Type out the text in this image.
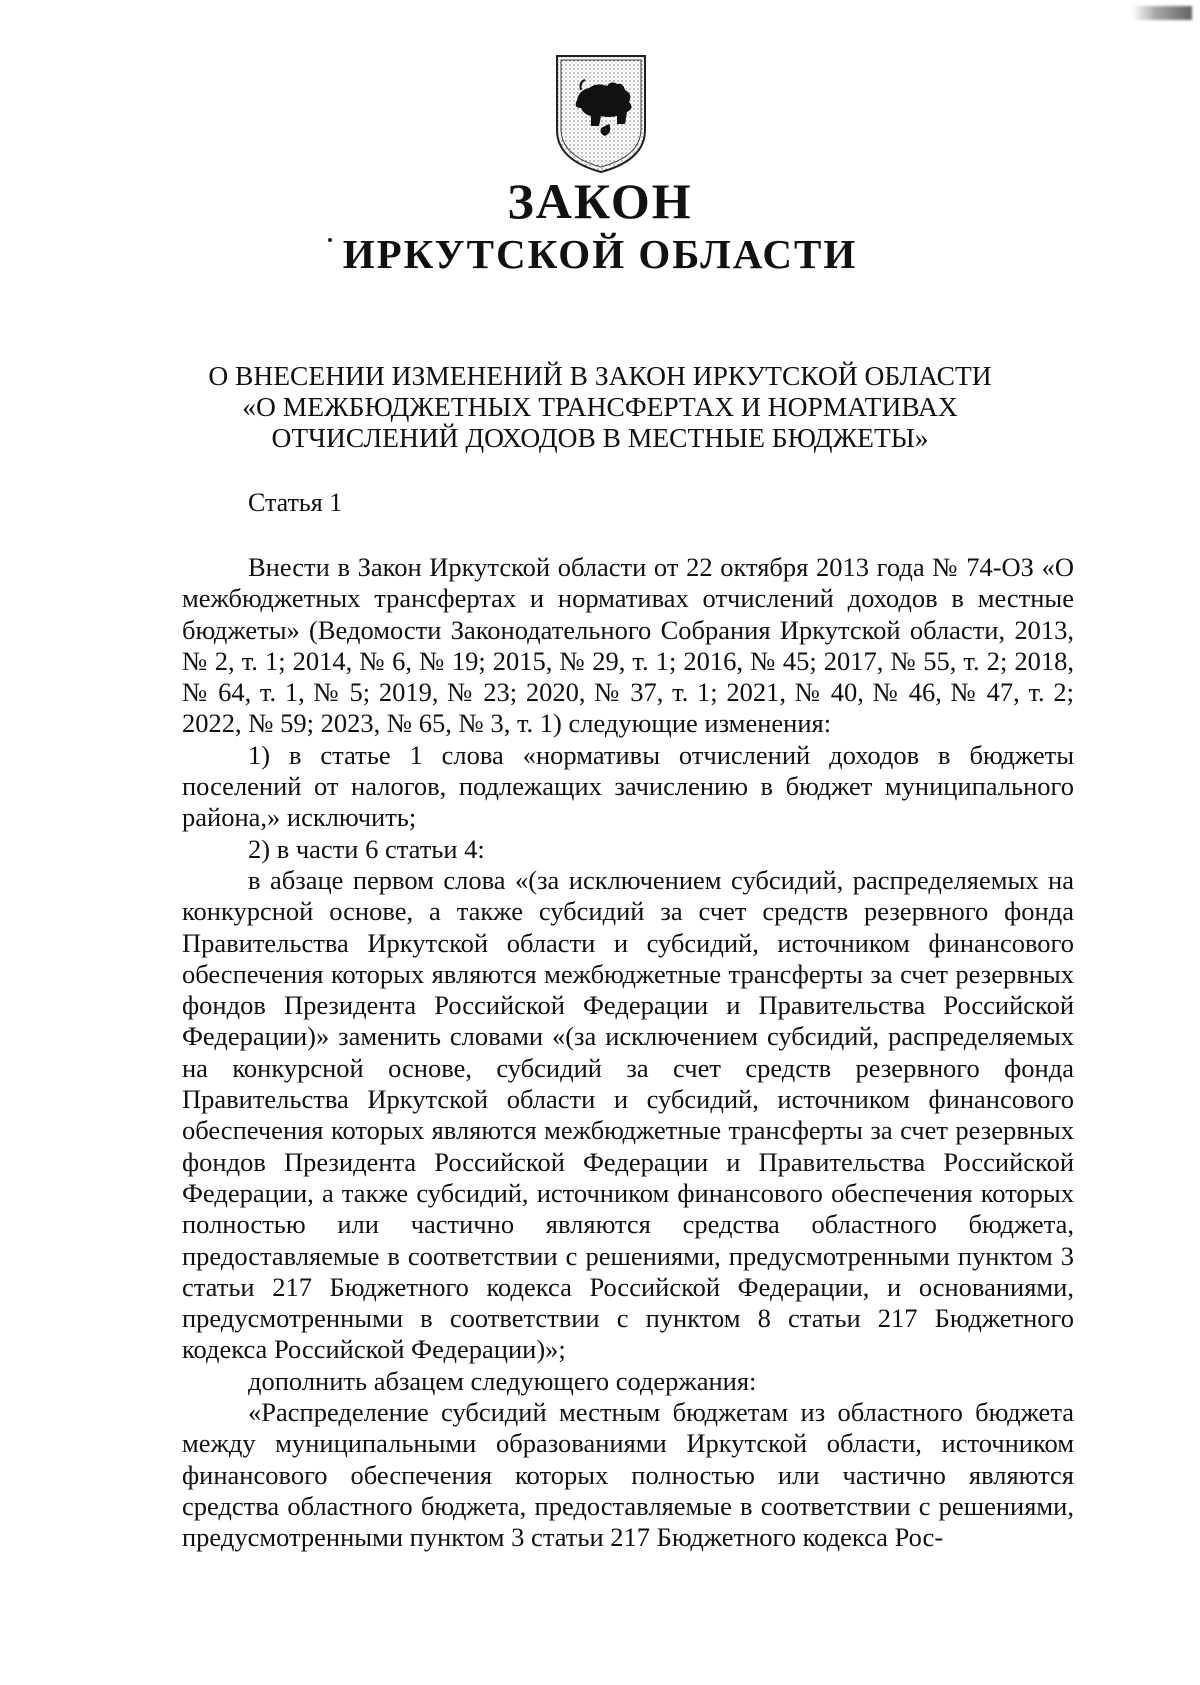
ЗАКОН
ИРКУТСКОЙ ОБЛАСТИ
О ВНЕСЕНИИ ИЗМЕНЕНИЙ В ЗАКОН ИРКУТСКОЙ ОБЛАСТИ
«О МЕЖБЮДЖЕТНЫХ ТРАНСФЕРТАХ И НОРМАТИВАХ
ОТЧИСЛЕНИЙ ДОХОДОВ В МЕСТНЫЕ БЮДЖЕТЫ»
Статья 1

Внести в Закон Иркутской области от 22 октября 2013 года № 74-ОЗ «О межбюджетных трансфертах и нормативах отчислений доходов в местные бюджеты» (Ведомости Законодательного Собрания Иркутской области, 2013, № 2, т. 1; 2014, № 6, № 19; 2015, № 29, т. 1; 2016, № 45; 2017, № 55, т. 2; 2018, № 64, т. 1, № 5; 2019, № 23; 2020, № 37, т. 1; 2021, № 40, № 46, № 47, т. 2; 2022, № 59; 2023, № 65, № 3, т. 1) следующие изменения:

1) в статье 1 слова «нормативы отчислений доходов в бюджеты поселений от налогов, подлежащих зачислению в бюджет муниципального района,» исключить;

2) в части 6 статьи 4:

в абзаце первом слова «(за исключением субсидий, распределяемых на конкурсной основе, а также субсидий за счет средств резервного фонда Правительства Иркутской области и субсидий, источником финансового обеспечения которых являются межбюджетные трансферты за счет резервных фондов Президента Российской Федерации и Правительства Российской Федерации)» заменить словами «(за исключением субсидий, распределяемых на конкурсной основе, субсидий за счет средств резервного фонда Правительства Иркутской области и субсидий, источником финансового обеспечения которых являются межбюджетные трансферты за счет резервных фондов Президента Российской Федерации и Правительства Российской Федерации, а также субсидий, источником финансового обеспечения которых полностью или частично являются средства областного бюджета, предоставляемые в соответствии с решениями, предусмотренными пунктом 3 статьи 217 Бюджетного кодекса Российской Федерации, и основаниями, предусмотренными в соответствии с пунктом 8 статьи 217 Бюджетного кодекса Российской Федерации)»;

дополнить абзацем следующего содержания:

«Распределение субсидий местным бюджетам из областного бюджета между муниципальными образованиями Иркутской области, источником финансового обеспечения которых полностью или частично являются средства областного бюджета, предоставляемые в соответствии с решениями, предусмотренными пунктом 3 статьи 217 Бюджетного кодекса Рос-
